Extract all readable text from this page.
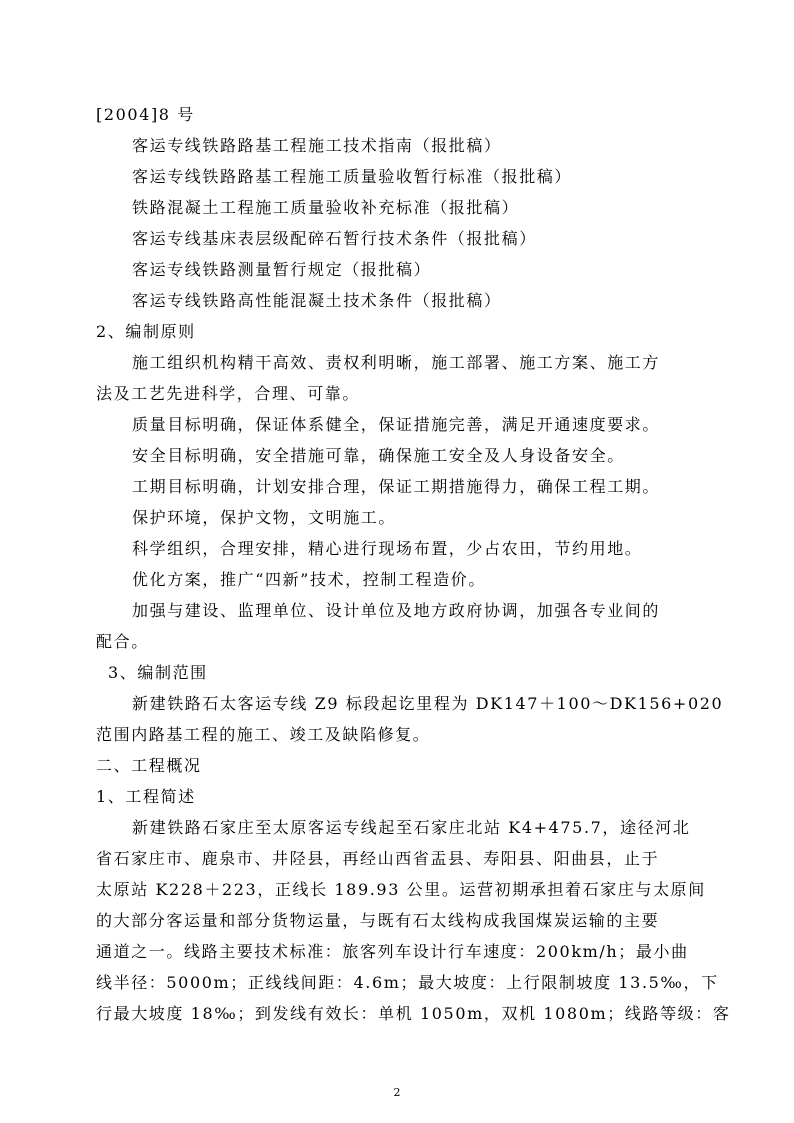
[2004]8 号
客运专线铁路路基工程施工技术指南（报批稿）
客运专线铁路路基工程施工质量验收暂行标准（报批稿）
铁路混凝土工程施工质量验收补充标准（报批稿）
客运专线基床表层级配碎石暂行技术条件（报批稿）
客运专线铁路测量暂行规定（报批稿）
客运专线铁路高性能混凝土技术条件（报批稿）
2、编制原则
施工组织机构精干高效、责权利明晰，施工部署、施工方案、施工方
法及工艺先进科学，合理、可靠。
质量目标明确，保证体系健全，保证措施完善，满足开通速度要求。
安全目标明确，安全措施可靠，确保施工安全及人身设备安全。
工期目标明确，计划安排合理，保证工期措施得力，确保工程工期。
保护环境，保护文物，文明施工。
科学组织，合理安排，精心进行现场布置，少占农田，节约用地。
优化方案，推广“四新”技术，控制工程造价。
加强与建设、监理单位、设计单位及地方政府协调，加强各专业间的
配合。
3、编制范围
新建铁路石太客运专线 Z9 标段起讫里程为 DK147＋100～DK156+020
范围内路基工程的施工、竣工及缺陷修复。
二、工程概况
1、工程简述
新建铁路石家庄至太原客运专线起至石家庄北站 K4+475.7，途径河北
省石家庄市、鹿泉市、井陉县，再经山西省盂县、寿阳县、阳曲县，止于
太原站 K228＋223，正线长 189.93 公里。运营初期承担着石家庄与太原间
的大部分客运量和部分货物运量，与既有石太线构成我国煤炭运输的主要
通道之一。线路主要技术标准：旅客列车设计行车速度：200km/h；最小曲
线半径：5000m；正线线间距：4.6m；最大坡度：上行限制坡度 13.5‰，下
行最大坡度 18‰；到发线有效长：单机 1050m，双机 1080m；线路等级：客
2
